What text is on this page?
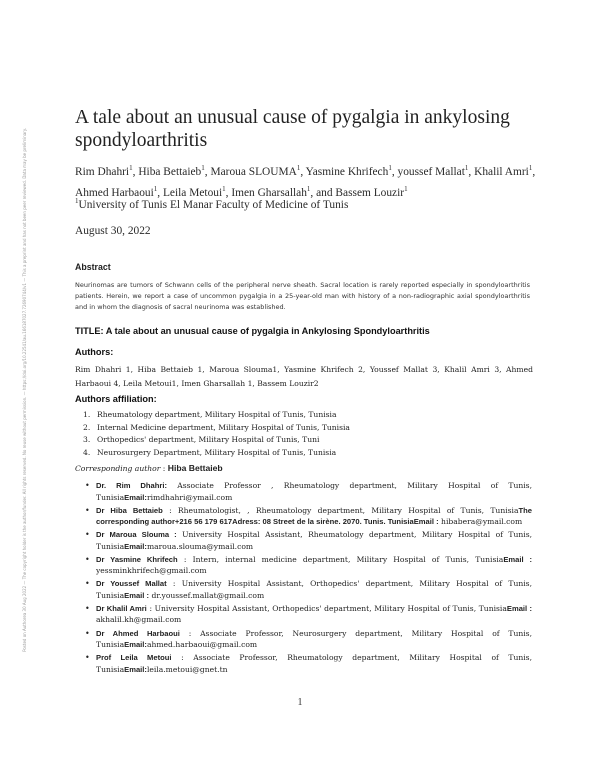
Posted on Authorea 30 Aug 2022 — The copyright holder is the author/funder. All rights reserved. No reuse without permission. — https://doi.org/10.22541/au.166187027.72690744/v1 — This a preprint and has not been peer reviewed. Data may be preliminary.
A tale about an unusual cause of pygalgia in ankylosing spondyloarthritis
Rim Dhahri$^1$, Hiba Bettaieb$^1$, Maroua SLOUMA$^1$, Yasmine Khrifech$^1$, youssef Mallat$^1$, Khalil Amri$^1$, Ahmed Harbaoui$^1$, Leila Metoui$^1$, Imen Gharsallah$^1$, and Bassem Louzir$^1$
$^1$University of Tunis El Manar Faculty of Medicine of Tunis
August 30, 2022
Abstract
Neurinomas are tumors of Schwann cells of the peripheral nerve sheath. Sacral location is rarely reported especially in spondyloarthritis patients. Herein, we report a case of uncommon pygalgia in a 25-year-old man with history of a non-radiographic axial spondyloarthritis and in whom the diagnosis of sacral neurinoma was established.
TITLE: A tale about an unusual cause of pygalgia in Ankylosing Spondyloarthritis
Authors:
Rim Dhahri 1, Hiba Bettaieb 1, Maroua Slouma1, Yasmine Khrifech 2, Youssef Mallat 3, Khalil Amri 3, Ahmed Harbaoui 4, Leila Metoui1, Imen Gharsallah 1, Bassem Louzir2
Authors affiliation:
1. Rheumatology department, Military Hospital of Tunis, Tunisia
2. Internal Medicine department, Military Hospital of Tunis, Tunisia
3. Orthopedics' department, Military Hospital of Tunis, Tuni
4. Neurosurgery Department, Military Hospital of Tunis, Tunisia
Corresponding author : Hiba Bettaieb
• Dr. Rim Dhahri: Associate Professor , Rheumatology department, Military Hospital of Tunis, TunisiaEmail:rimdhahri@ymail.com
• Dr Hiba Bettaieb : Rheumatologist, , Rheumatology department, Military Hospital of Tunis, TunisiaThe corresponding author+216 56 179 617Adress: 08 Street de la sirène. 2070. Tunis. TunisiaEmail : hibabera@ymail.com
• Dr Maroua Slouma : University Hospital Assistant, Rheumatology department, Military Hospital of Tunis, TunisiaEmail:maroua.slouma@ymail.com
• Dr Yasmine Khrifech : Intern, internal medicine department, Military Hospital of Tunis, TunisiaEmail : yessminkhrifech@gmail.com
• Dr Youssef Mallat : University Hospital Assistant, Orthopedics' department, Military Hospital of Tunis, TunisiaEmail : dr.youssef.mallat@gmail.com
• Dr Khalil Amri : University Hospital Assistant, Orthopedics' department, Military Hospital of Tunis, TunisiaEmail : akhalil.kh@gmail.com
• Dr Ahmed Harbaoui : Associate Professor, Neurosurgery department, Military Hospital of Tunis, TunisiaEmail:ahmed.harbaoui@gmail.com
• Prof Leila Metoui : Associate Professor, Rheumatology department, Military Hospital of Tunis, TunisiaEmail:leila.metoui@gnet.tn
1
